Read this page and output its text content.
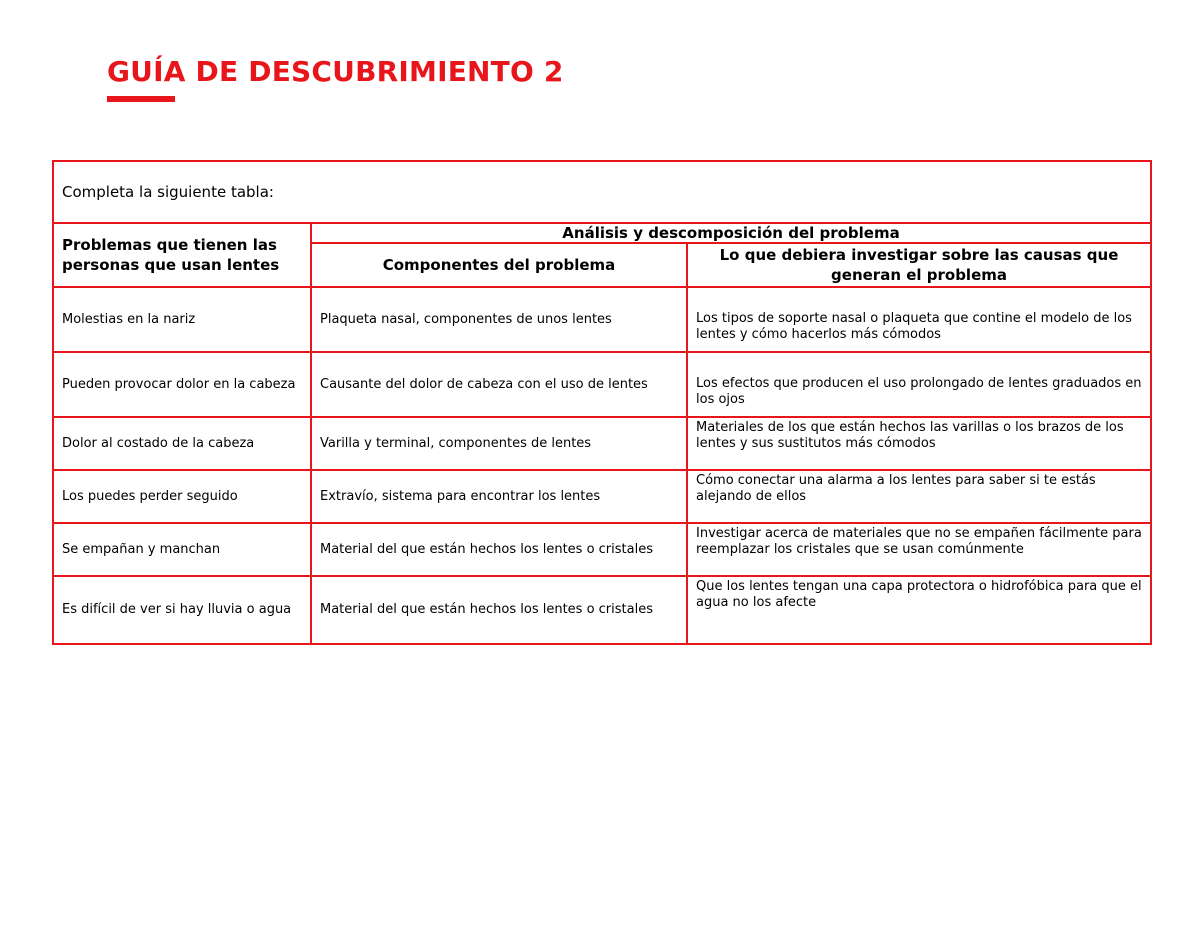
GUÍA DE DESCUBRIMIENTO 2
Completa la siguiente tabla:		
Problemas que tienen las personas que usan lentes	Análisis y descomposición del problema	
	Componentes del problema	Lo que debiera investigar sobre las causas que generan el problema
Molestias en la nariz	Plaqueta nasal, componentes de unos lentes	Los tipos de soporte nasal o plaqueta que contine el modelo de los lentes y cómo hacerlos más cómodos
Pueden provocar dolor en la cabeza	Causante del dolor de cabeza con el uso de lentes	Los efectos que producen el uso prolongado de lentes graduados en los ojos
Dolor al costado de la cabeza	Varilla y terminal, componentes de lentes	Materiales de los que están hechos las varillas o los brazos de los lentes y sus sustitutos más cómodos
Los puedes perder seguido	Extravío, sistema para encontrar los lentes	Cómo conectar una alarma a los lentes para saber si te estás alejando de ellos
Se empañan y manchan	Material del que están hechos los lentes o cristales	Investigar acerca de materiales que no se empañen fácilmente para reemplazar los cristales que se usan comúnmente
Es difícil de ver si hay lluvia o agua	Material del que están hechos los lentes o cristales	Que los lentes tengan una capa protectora o hidrofóbica para que el agua no los afecte
